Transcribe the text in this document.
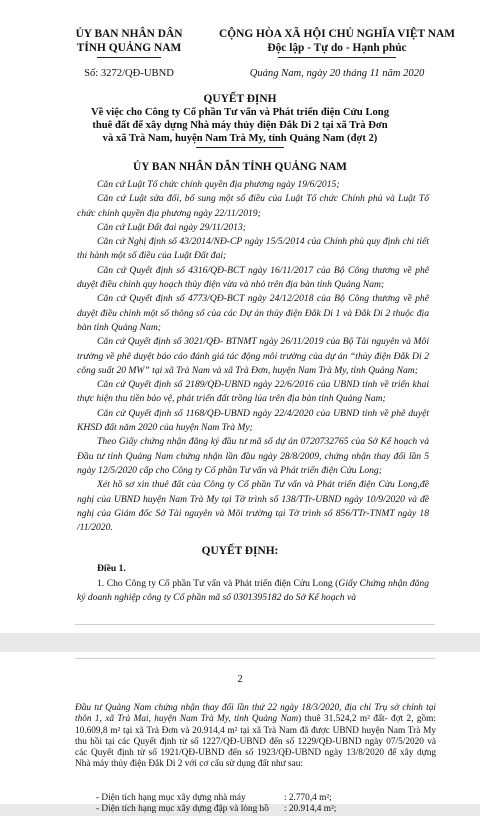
ỦY BAN NHÂN DÂN
TỈNH QUẢNG NAM
CỘNG HÒA XÃ HỘI CHỦ NGHĨA VIỆT NAM
Độc lập - Tự do - Hạnh phúc
Số: 3272/QĐ-UBND	Quảng Nam, ngày 20 tháng 11 năm 2020
QUYẾT ĐỊNH
Về việc cho Công ty Cổ phần Tư vấn và Phát triển điện Cửu Long
thuê đất để xây dựng Nhà máy thủy điện Đắk Di 2 tại xã Trà Đơn
và xã Trà Nam, huyện Nam Trà My, tỉnh Quảng Nam (đợt 2)
ỦY BAN NHÂN DÂN TỈNH QUẢNG NAM
Căn cứ Luật Tổ chức chính quyền địa phương ngày 19/6/2015;
Căn cứ Luật sửa đổi, bổ sung một số điều của Luật Tổ chức Chính phủ và Luật Tổ chức chính quyền địa phương ngày 22/11/2019;
Căn cứ Luật Đất đai ngày 29/11/2013;
Căn cứ Nghị định số 43/2014/NĐ-CP ngày 15/5/2014 của Chính phủ quy định chi tiết thi hành một số điều của Luật Đất đai;
Căn cứ Quyết định số 4316/QĐ-BCT ngày 16/11/2017 của Bộ Công thương về phê duyệt điều chỉnh quy hoạch thủy điện vừa và nhỏ trên địa bàn tỉnh Quảng Nam;
Căn cứ Quyết định số 4773/QĐ-BCT ngày 24/12/2018 của Bộ Công thương về phê duyệt điều chỉnh một số thông số của các Dự án thủy điện Đắk Di 1 và Đắk Di 2 thuộc địa bàn tỉnh Quảng Nam;
Căn cứ Quyết định số 3021/QĐ- BTNMT ngày 26/11/2019 của Bộ Tài nguyên và Môi trường về phê duyệt báo cáo đánh giá tác động môi trường của dự án “thủy điện Đắk Di 2 công suất 20 MW” tại xã Trà Nam và xã Trà Đơn, huyện Nam Trà My, tỉnh Quảng Nam;
Căn cứ Quyết định số 2189/QĐ-UBND ngày 22/6/2016 của UBND tỉnh về triển khai thực hiện thu tiền bảo vệ, phát triển đất trồng lúa trên địa bàn tỉnh Quảng Nam;
Căn cứ Quyết định số 1168/QĐ-UBND ngày 22/4/2020 của UBND tỉnh về phê duyệt KHSD đất năm 2020 của huyện Nam Trà My;
Theo Giấy chứng nhận đăng ký đầu tư mã số dự án 0720732765 của Sở Kế hoạch và Đầu tư tỉnh Quảng Nam chứng nhận lần đầu ngày 28/8/2009, chứng nhận thay đổi lần 5 ngày 12/5/2020 cấp cho Công ty Cổ phần Tư vấn và Phát triển điện Cửu Long;
Xét hồ sơ xin thuê đất của Công ty Cổ phần Tư vấn và Phát triển điện Cửu Long,đề nghị của UBND huyện Nam Trà My tại Tờ trình số 138/TTr-UBND ngày 10/9/2020 và đề nghị của Giám đốc Sở Tài nguyên và Môi trường tại Tờ trình số 856/TTr-TNMT ngày 18 /11/2020.
QUYẾT ĐỊNH:
Điều 1.
1. Cho Công ty Cổ phần Tư vấn và Phát triển điện Cửu Long (Giấy Chứng nhận đăng ký doanh nghiệp công ty Cổ phần mã số 0301395182 do Sở Kế hoạch và
2
Đầu tư Quảng Nam chứng nhận thay đổi lần thứ 22 ngày 18/3/2020, địa chỉ Trụ sở chính tại thôn 1, xã Trà Mai, huyện Nam Trà My, tỉnh Quảng Nam) thuê 31.524,2 m² đất- đợt 2, gồm: 10.609,8 m² tại xã Trà Đơn và 20.914,4 m² tại xã Trà Nam đã được UBND huyện Nam Trà My thu hồi tại các Quyết định từ số 1227/QĐ-UBND đến số 1229/QĐ-UBND ngày 07/5/2020 và các Quyết định từ số 1921/QĐ-UBND đến số 1923/QĐ-UBND ngày 13/8/2020 để xây dựng Nhà máy thủy điện Đắk Di 2 với cơ cấu sử dụng đất như sau:
- Diện tích hạng mục xây dựng nhà máy	: 2.770,4 m²;
- Diện tích hạng mục xây dựng đập và lòng hồ : 20.914,4 m²;
